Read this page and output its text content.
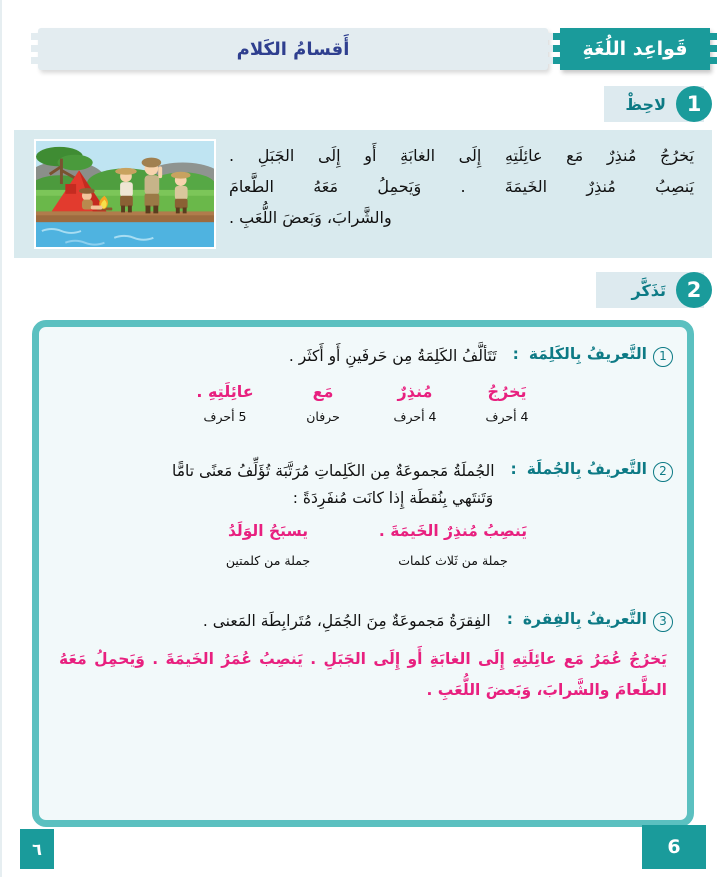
أَقسامُ الكَلام	قَواعِد اللُغَةِ
1
لاحِظْ
يَخرُجُ مُنذِرٌ مَع عائِلَتِهِ إِلَى الغابَةِ أَو إِلَى الجَبَلِ .
يَنصِبُ مُنذِرٌ الخَيمَةَ . وَيَحمِلُ مَعَهُ الطَّعامَ
والشَّرابَ، وَبَعضَ اللُّعَبِ .
2
تَذَكَّر
1
التَّعريفُ بِالكَلِمَة
:
تَتَألَّفُ الكَلِمَةُ مِن حَرفَينِ أَو أَكثَر .
يَخرُجُ
4 أحرف
مُنذِرٌ
4 أحرف
مَع
حرفان
عائِلَتِهِ .
5 أحرف
2
التَّعريفُ بِالجُملَة
:
الجُملَةُ مَجموعَةٌ مِن الكَلِماتِ مُرَتَّبَة تُؤَلِّفُ مَعنًى تامًّا
وَتَنتَهي بِنُقطَة إِذا كانَت مُنفَرِدَةً :
يَنصِبُ مُنذِرٌ الخَيمَةَ .
جملة من ثَلاث كلمات
يسبَحُ الوَلَدُ
جملة من كلمتين
3
التَّعريفُ بِالفِقرة
:
الفِقرَةُ مَجموعَةٌ مِنَ الجُمَلِ، مُتَرابِطَة المَعنى .
يَخرُجُ عُمَرُ مَع عائِلَتِهِ إِلَى الغابَةِ أَو إِلَى الجَبَلِ . يَنصِبُ عُمَرُ الخَيمَةَ . وَيَحمِلُ مَعَهُ الطَّعامَ والشَّرابَ، وَبَعضَ اللُّعَبِ .
6
٦
